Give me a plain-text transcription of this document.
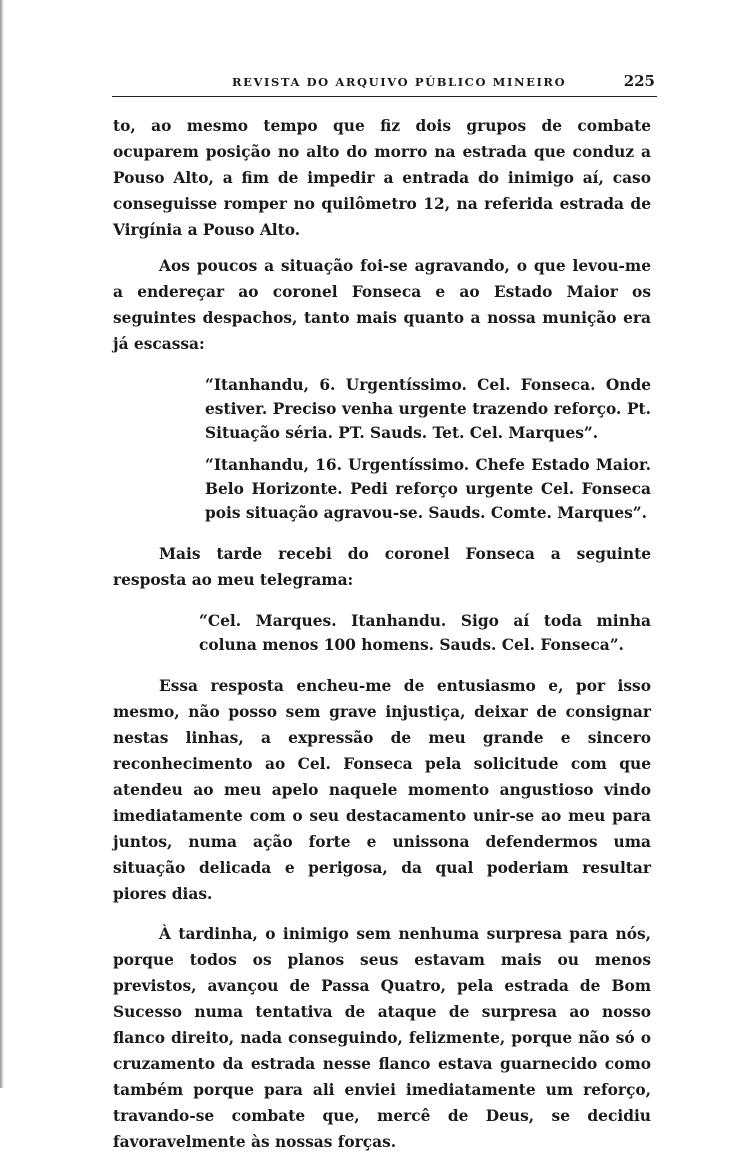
REVISTA DO ARQUIVO PÚBLICO MINEIRO	225

to, ao mesmo tempo que fiz dois grupos de combate ocuparem posição no alto do morro na estrada que conduz a Pouso Alto, a fim de impedir a entrada do inimigo aí, caso conseguisse romper no quilômetro 12, na referida estrada de Virgínia a Pouso Alto.

Aos poucos a situação foi-se agravando, o que levou-me a endereçar ao coronel Fonseca e ao Estado Maior os seguintes despachos, tanto mais quanto a nossa munição era já escassa:

“Itanhandu, 6. Urgentíssimo. Cel. Fonseca. Onde estiver. Preciso venha urgente trazendo reforço. Pt. Situação séria. PT. Sauds. Tet. Cel. Marques”.

“Itanhandu, 16. Urgentíssimo. Chefe Estado Maior. Belo Horizonte. Pedi reforço urgente Cel. Fonseca pois situação agravou-se. Sauds. Comte. Marques”.

Mais tarde recebi do coronel Fonseca a seguinte resposta ao meu telegrama:

“Cel. Marques. Itanhandu. Sigo aí toda minha coluna menos 100 homens. Sauds. Cel. Fonseca”.

Essa resposta encheu-me de entusiasmo e, por isso mesmo, não posso sem grave injustiça, deixar de consignar nestas linhas, a expressão de meu grande e sincero reconhecimento ao Cel. Fonseca pela solicitude com que atendeu ao meu apelo naquele momento angustioso vindo imediatamente com o seu destacamento unir-se ao meu para juntos, numa ação forte e unissona defendermos uma situação delicada e perigosa, da qual poderiam resultar piores dias.

À tardinha, o inimigo sem nenhuma surpresa para nós, porque todos os planos seus estavam mais ou menos previstos, avançou de Passa Quatro, pela estrada de Bom Sucesso numa tentativa de ataque de surpresa ao nosso flanco direito, nada conseguindo, felizmente, porque não só o cruzamento da estrada nesse flanco estava guarnecido como também porque para ali enviei imediatamente um reforço, travando-se combate que, mercê de Deus, se decidiu favoravelmente às nossas forças.
